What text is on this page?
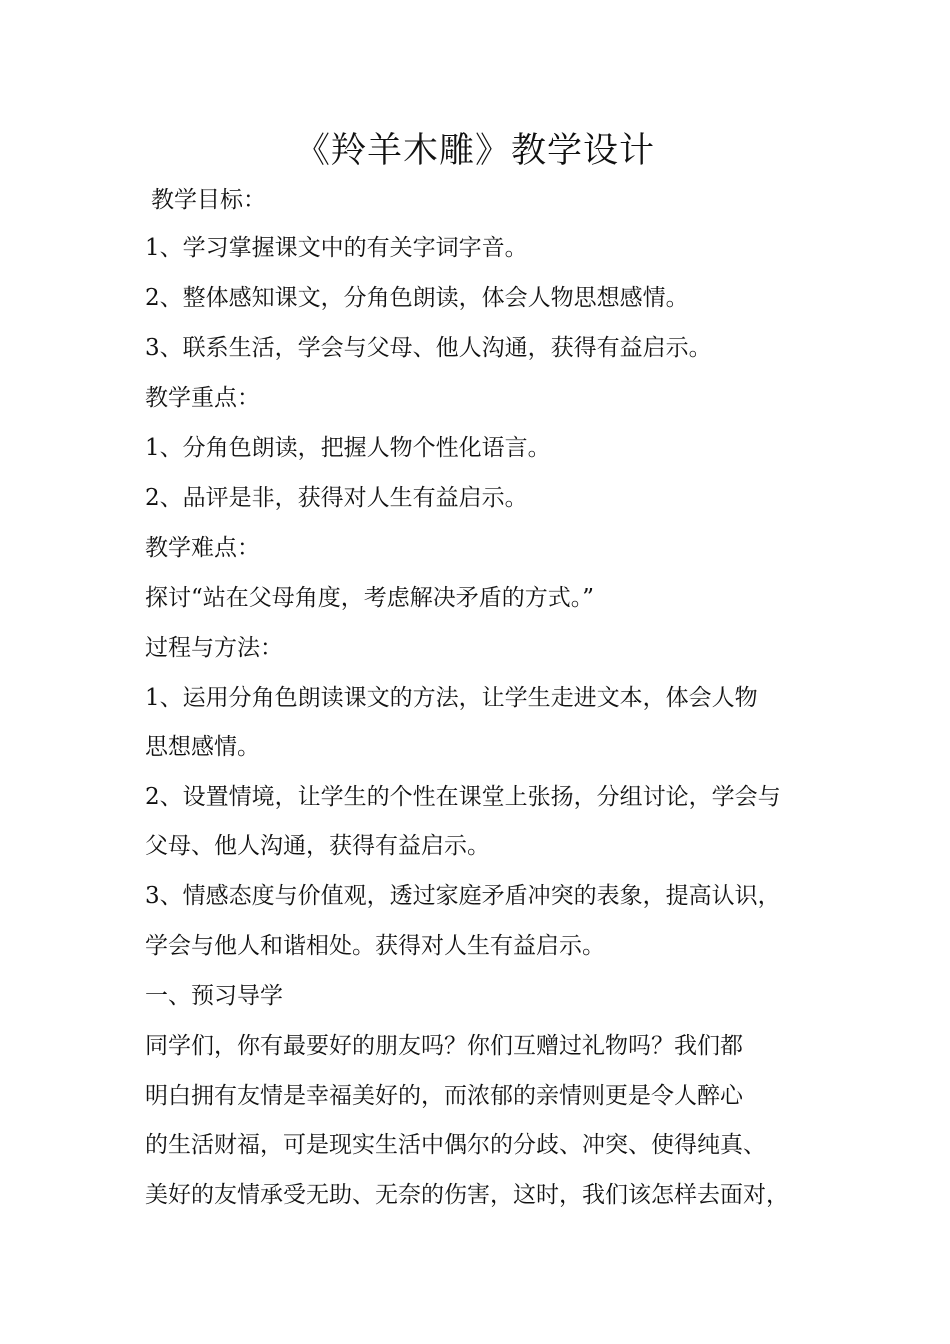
《羚羊木雕》教学设计
教学目标：
1、学习掌握课文中的有关字词字音。
2、整体感知课文，分角色朗读，体会人物思想感情。
3、联系生活，学会与父母、他人沟通，获得有益启示。
教学重点：
1、分角色朗读，把握人物个性化语言。
2、品评是非，获得对人生有益启示。
教学难点：
探讨“站在父母角度，考虑解决矛盾的方式。”
过程与方法：
1、运用分角色朗读课文的方法，让学生走进文本，体会人物
思想感情。
2、设置情境，让学生的个性在课堂上张扬，分组讨论，学会与
父母、他人沟通，获得有益启示。
3、情感态度与价值观，透过家庭矛盾冲突的表象，提高认识，
学会与他人和谐相处。获得对人生有益启示。
一、预习导学
同学们，你有最要好的朋友吗？你们互赠过礼物吗？我们都
明白拥有友情是幸福美好的，而浓郁的亲情则更是令人醉心
的生活财福，可是现实生活中偶尔的分歧、冲突、使得纯真、
美好的友情承受无助、无奈的伤害，这时，我们该怎样去面对，
